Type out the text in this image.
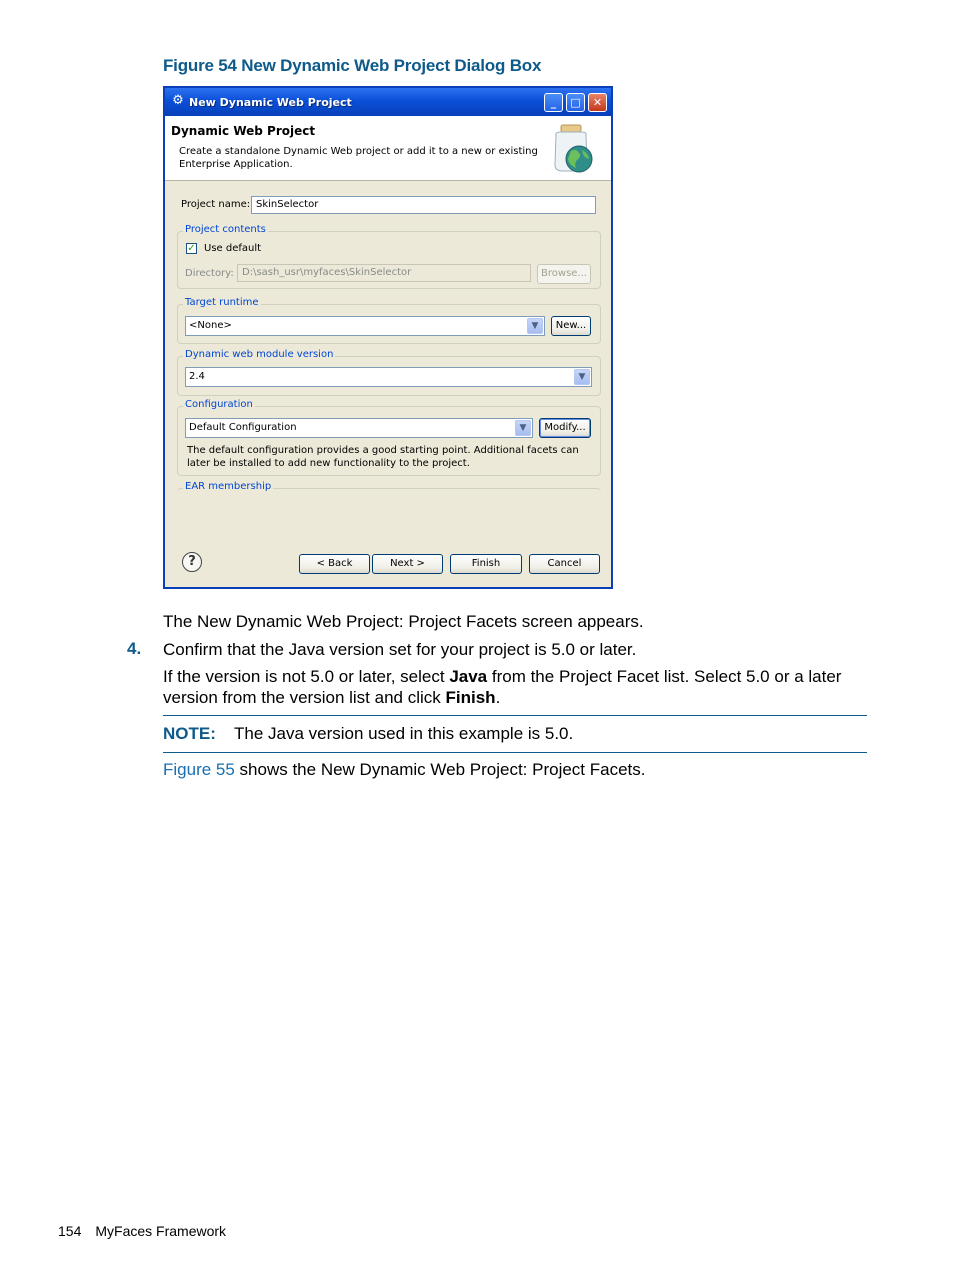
Figure 54 New Dynamic Web Project Dialog Box
⚙ New Dynamic Web Project	_	□	✕
Dynamic Web Project
Create a standalone Dynamic Web project or add it to a new or existing Enterprise Application.
Project name: SkinSelector
Project contents
✓ Use default
Directory: D:\sash_usr\myfaces\SkinSelector	Browse...
Target runtime
<None>	▼	New...
Dynamic web module version
2.4	▼
Configuration
Default Configuration	▼	Modify...
The default configuration provides a good starting point. Additional facets can later be installed to add new functionality to the project.
EAR membership
?	< Back	Next >	Finish	Cancel
The New Dynamic Web Project: Project Facets screen appears.
4. Confirm that the Java version set for your project is 5.0 or later.
If the version is not 5.0 or later, select Java from the Project Facet list. Select 5.0 or a later version from the version list and click Finish.
NOTE: The Java version used in this example is 5.0.
Figure 55 shows the New Dynamic Web Project: Project Facets.
154 MyFaces Framework
